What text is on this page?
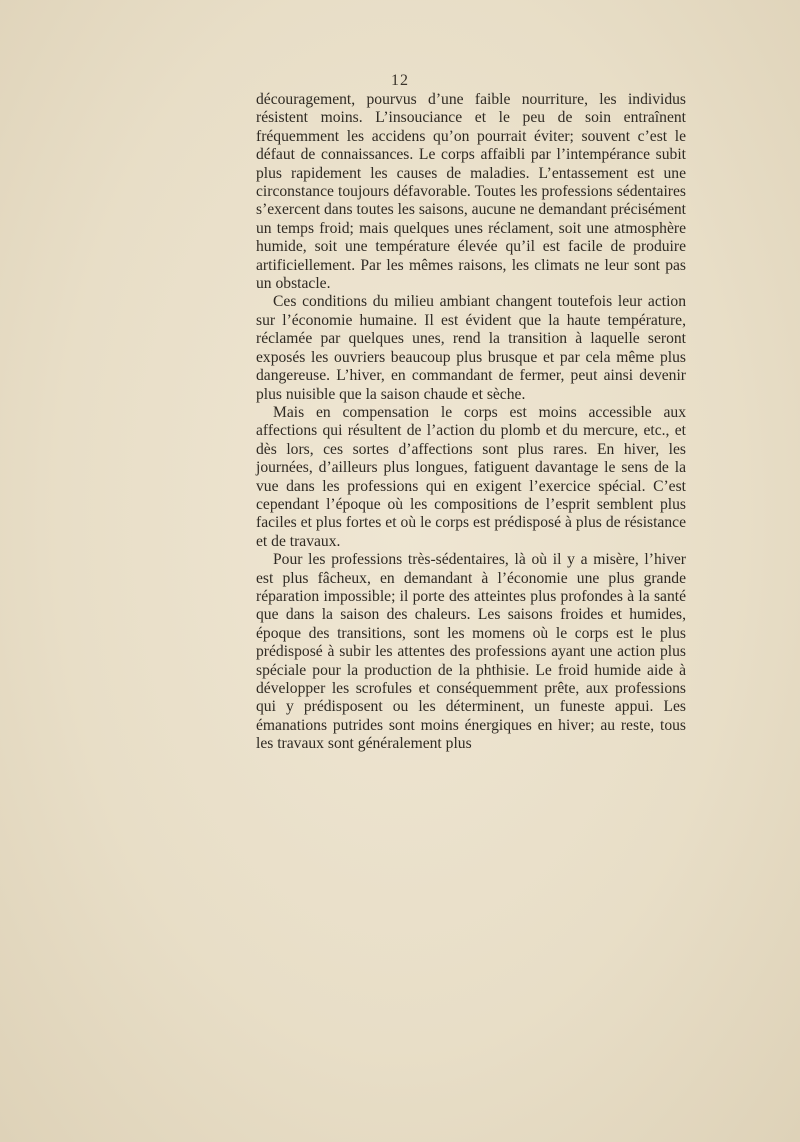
12

découragement, pourvus d’une faible nourriture, les individus résistent moins. L’insouciance et le peu de soin entraînent fréquemment les accidens qu’on pourrait éviter; souvent c’est le défaut de connaissances. Le corps affaibli par l’intempérance subit plus rapidement les causes de maladies. L’entassement est une circonstance toujours défavorable. Toutes les professions sédentaires s’exercent dans toutes les saisons, aucune ne demandant précisément un temps froid; mais quelques unes réclament, soit une atmosphère humide, soit une température élevée qu’il est facile de produire artificiellement. Par les mêmes raisons, les climats ne leur sont pas un obstacle.

Ces conditions du milieu ambiant changent toutefois leur action sur l’économie humaine. Il est évident que la haute température, réclamée par quelques unes, rend la transition à laquelle seront exposés les ouvriers beaucoup plus brusque et par cela même plus dangereuse. L’hiver, en commandant de fermer, peut ainsi devenir plus nuisible que la saison chaude et sèche.

Mais en compensation le corps est moins accessible aux affections qui résultent de l’action du plomb et du mercure, etc., et dès lors, ces sortes d’affections sont plus rares. En hiver, les journées, d’ailleurs plus longues, fatiguent davantage le sens de la vue dans les professions qui en exigent l’exercice spécial. C’est cependant l’époque où les compositions de l’esprit semblent plus faciles et plus fortes et où le corps est prédisposé à plus de résistance et de travaux.

Pour les professions très-sédentaires, là où il y a misère, l’hiver est plus fâcheux, en demandant à l’économie une plus grande réparation impossible; il porte des atteintes plus profondes à la santé que dans la saison des chaleurs. Les saisons froides et humides, époque des transitions, sont les momens où le corps est le plus prédisposé à subir les attentes des professions ayant une action plus spéciale pour la production de la phthisie. Le froid humide aide à développer les scrofules et conséquemment prête, aux professions qui y prédisposent ou les déterminent, un funeste appui. Les émanations putrides sont moins énergiques en hiver; au reste, tous les travaux sont généralement plus
